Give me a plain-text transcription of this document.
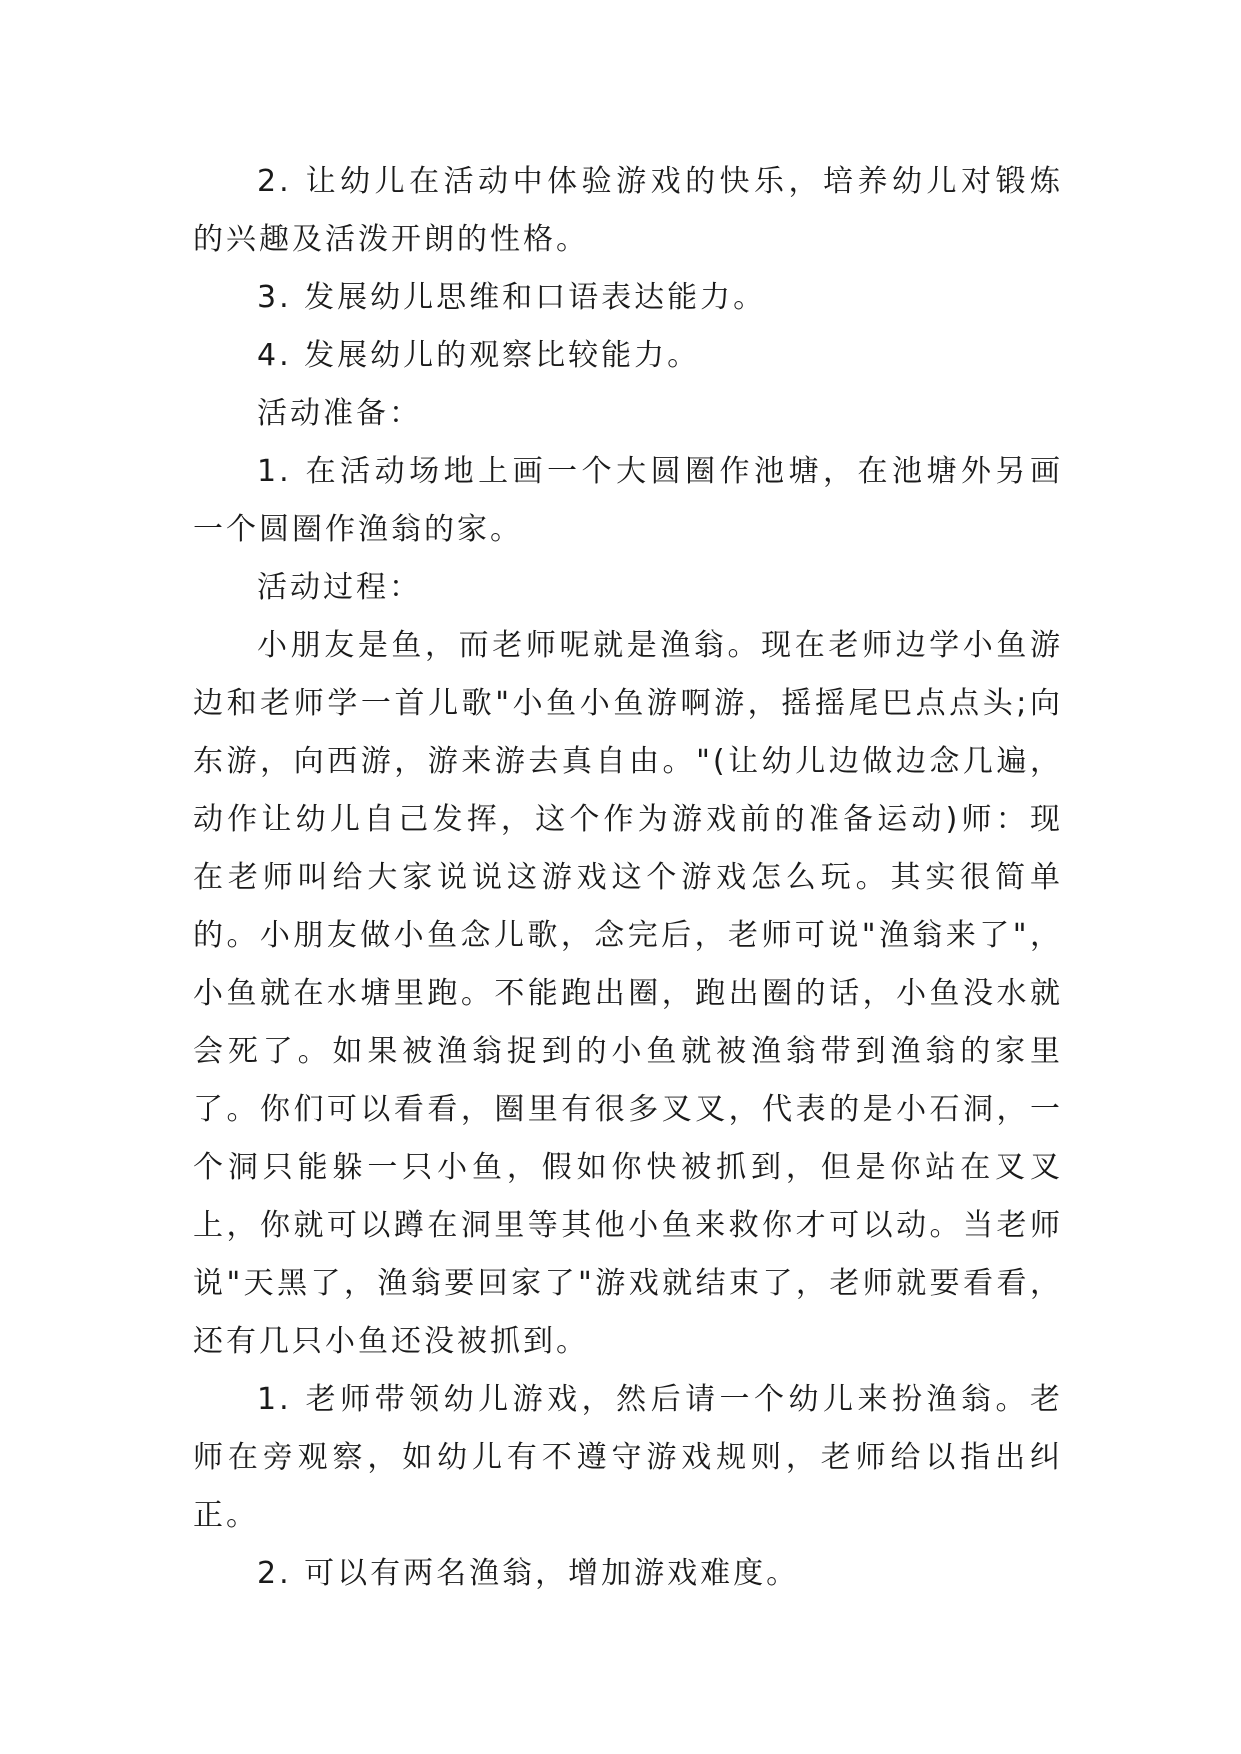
2. 让幼儿在活动中体验游戏的快乐，培养幼儿对锻炼的兴趣及活泼开朗的性格。

3. 发展幼儿思维和口语表达能力。

4. 发展幼儿的观察比较能力。

活动准备：

1. 在活动场地上画一个大圆圈作池塘，在池塘外另画一个圆圈作渔翁的家。

活动过程：

小朋友是鱼，而老师呢就是渔翁。现在老师边学小鱼游边和老师学一首儿歌"小鱼小鱼游啊游，摇摇尾巴点点头;向东游，向西游，游来游去真自由。"(让幼儿边做边念几遍，动作让幼儿自己发挥，这个作为游戏前的准备运动)师：现在老师叫给大家说说这游戏这个游戏怎么玩。其实很简单的。小朋友做小鱼念儿歌，念完后，老师可说"渔翁来了"，小鱼就在水塘里跑。不能跑出圈，跑出圈的话，小鱼没水就会死了。如果被渔翁捉到的小鱼就被渔翁带到渔翁的家里了。你们可以看看，圈里有很多叉叉，代表的是小石洞，一个洞只能躲一只小鱼，假如你快被抓到，但是你站在叉叉上，你就可以蹲在洞里等其他小鱼来救你才可以动。当老师说"天黑了，渔翁要回家了"游戏就结束了，老师就要看看，还有几只小鱼还没被抓到。

1. 老师带领幼儿游戏，然后请一个幼儿来扮渔翁。老师在旁观察，如幼儿有不遵守游戏规则，老师给以指出纠正。

2. 可以有两名渔翁，增加游戏难度。
